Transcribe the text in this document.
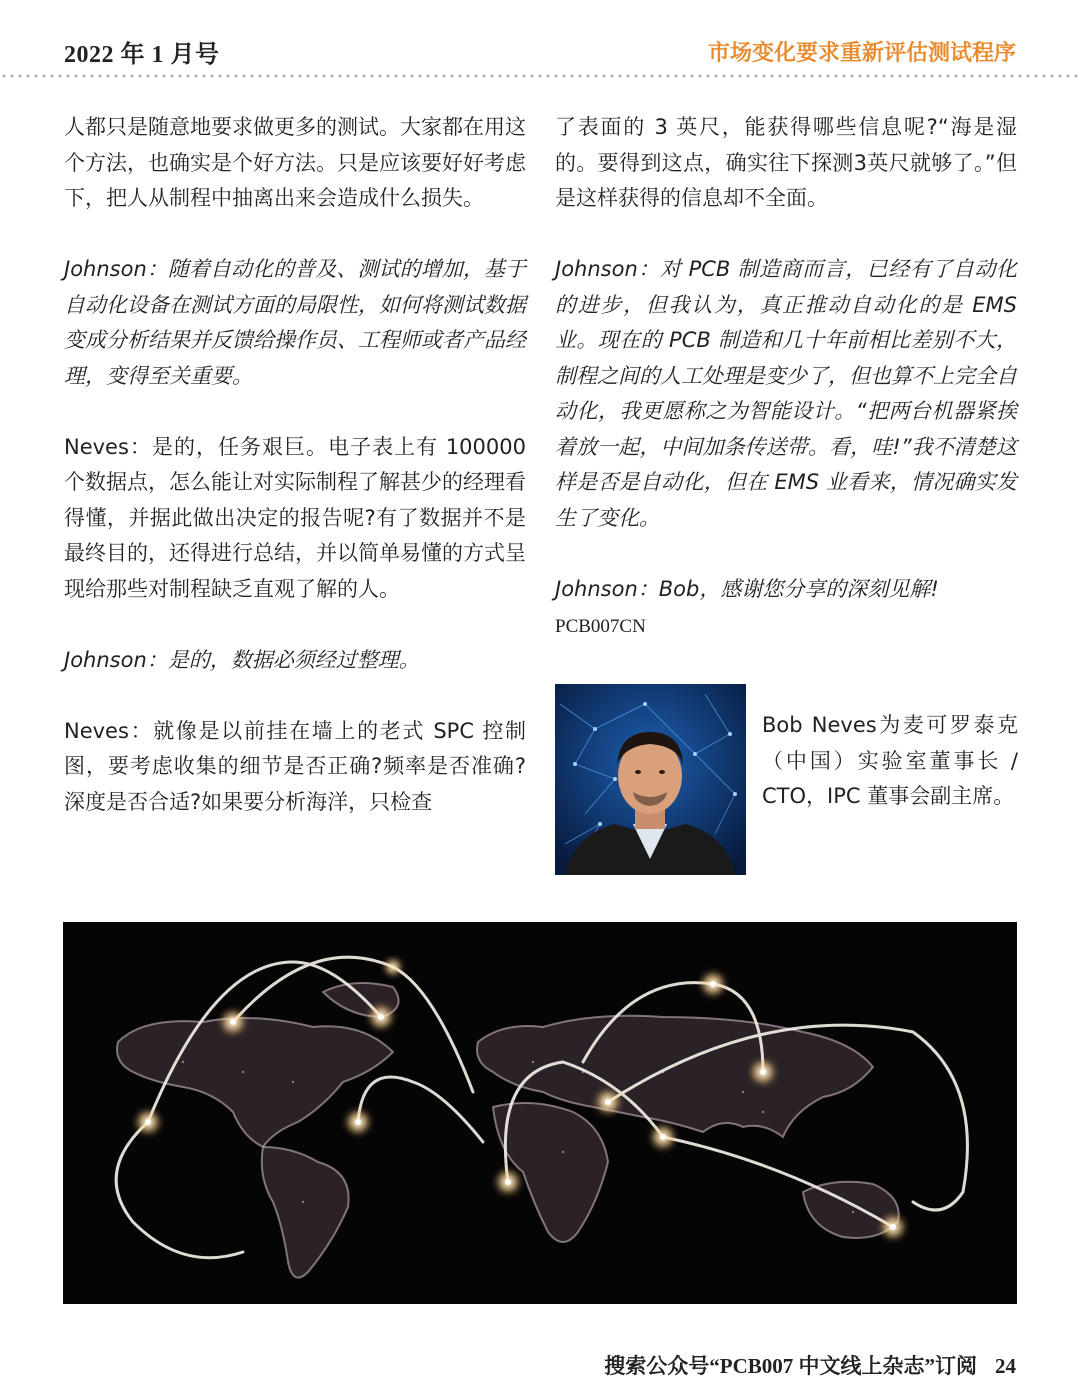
2022 年 1 月号	市场变化要求重新评估测试程序

人都只是随意地要求做更多的测试。大家都在用这个方法，也确实是个好方法。只是应该要好好考虑下，把人从制程中抽离出来会造成什么损失。

Johnson：随着自动化的普及、测试的增加，基于自动化设备在测试方面的局限性，如何将测试数据变成分析结果并反馈给操作员、工程师或者产品经理，变得至关重要。

Neves：是的，任务艰巨。电子表上有 100000 个数据点，怎么能让对实际制程了解甚少的经理看得懂，并据此做出决定的报告呢?有了数据并不是最终目的，还得进行总结，并以简单易懂的方式呈现给那些对制程缺乏直观了解的人。

Johnson：是的，数据必须经过整理。

Neves：就像是以前挂在墙上的老式 SPC 控制图，要考虑收集的细节是否正确?频率是否准确?深度是否合适?如果要分析海洋，只检查

了表面的 3 英尺，能获得哪些信息呢?“海是湿的。要得到这点，确实往下探测3英尺就够了。”但是这样获得的信息却不全面。

Johnson：对 PCB 制造商而言，已经有了自动化的进步，但我认为，真正推动自动化的是 EMS 业。现在的 PCB 制造和几十年前相比差别不大，制程之间的人工处理是变少了，但也算不上完全自动化，我更愿称之为智能设计。“把两台机器紧挨着放一起，中间加条传送带。看，哇!”我不清楚这样是否是自动化，但在 EMS 业看来，情况确实发生了变化。

Johnson：Bob，感谢您分享的深刻见解!

PCB007CN

Bob Neves为麦可罗泰克（中国）实验室董事长 / CTO，IPC 董事会副主席。
搜索公众号“PCB007 中文线上杂志”订阅 24
